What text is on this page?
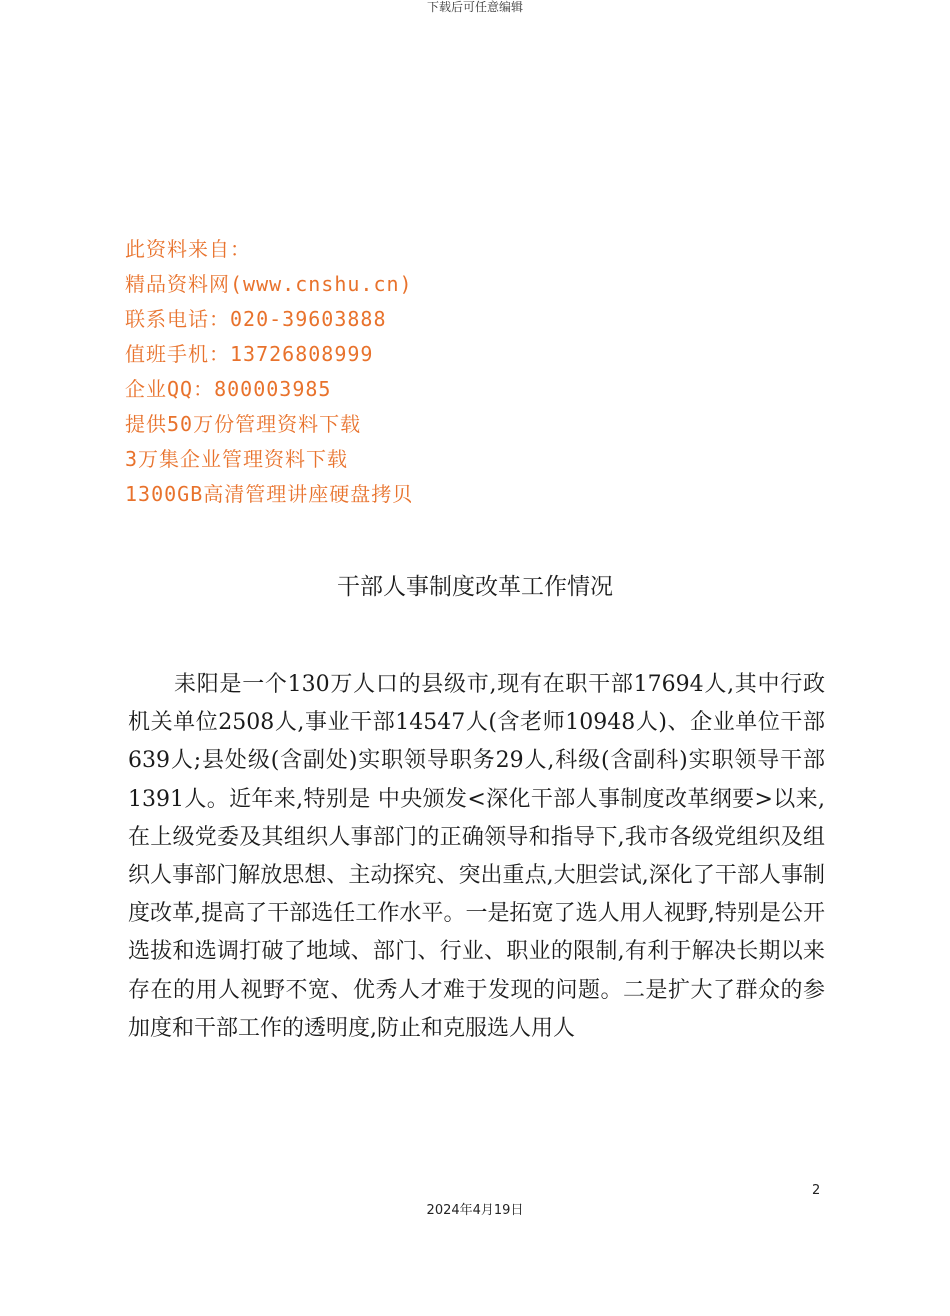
下载后可任意编辑
此资料来自：
精品资料网(www.cnshu.cn)
联系电话：020-39603888
值班手机：13726808999
企业QQ：800003985
提供50万份管理资料下载
3万集企业管理资料下载
1300GB高清管理讲座硬盘拷贝
干部人事制度改革工作情况

耒阳是一个130万人口的县级市,现有在职干部17694人,其中行政机关单位2508人,事业干部14547人(含老师10948人)、企业单位干部639人;县处级(含副处)实职领导职务29人,科级(含副科)实职领导干部1391人。近年来,特别是 中央颁发<深化干部人事制度改革纲要>以来,在上级党委及其组织人事部门的正确领导和指导下,我市各级党组织及组织人事部门解放思想、主动探究、突出重点,大胆尝试,深化了干部人事制度改革,提高了干部选任工作水平。一是拓宽了选人用人视野,特别是公开选拔和选调打破了地域、部门、行业、职业的限制,有利于解决长期以来存在的用人视野不宽、优秀人才难于发现的问题。二是扩大了群众的参加度和干部工作的透明度,防止和克服选人用人

2
2024年4月19日
